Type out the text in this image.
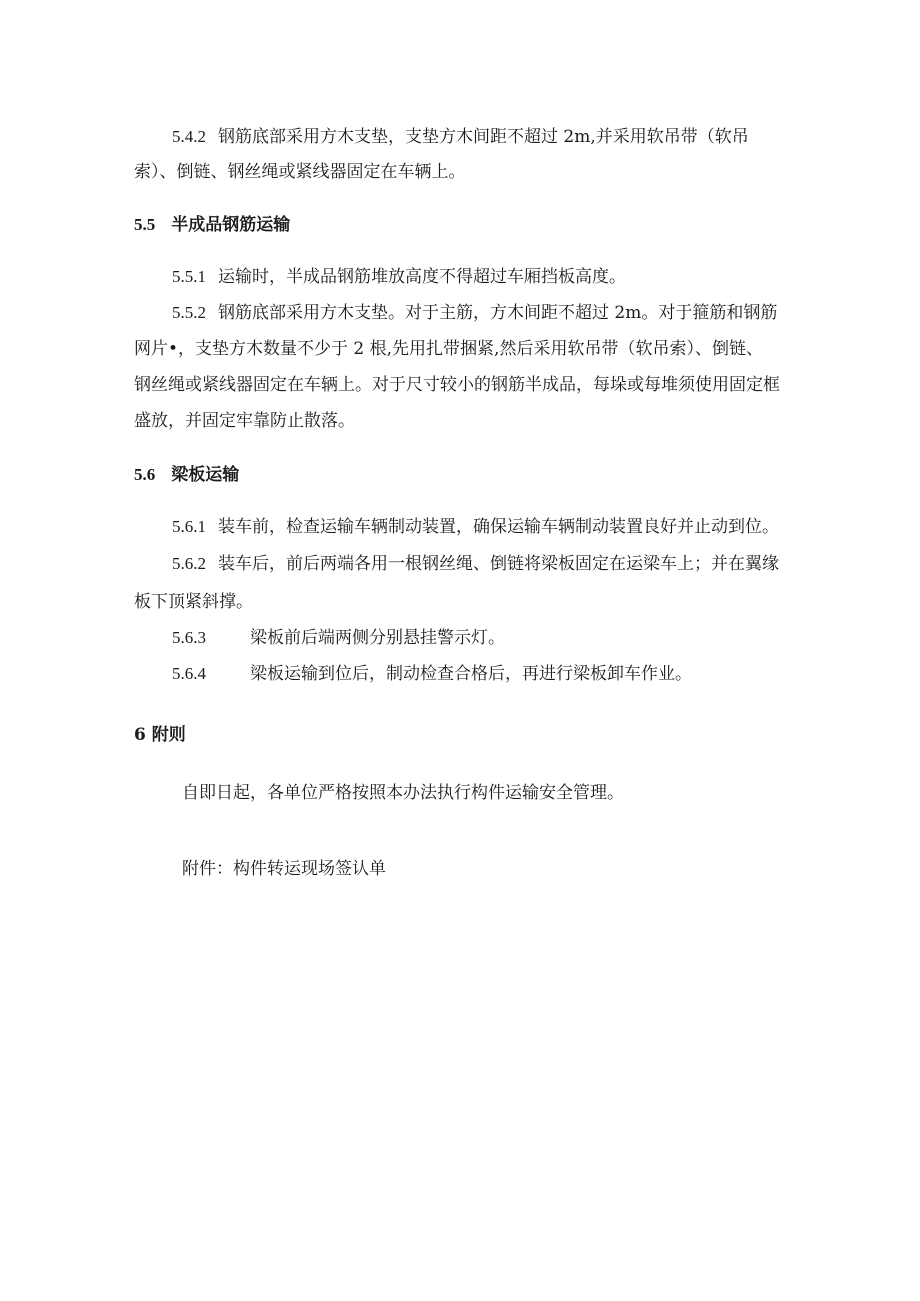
5.4.2 钢筋底部采用方木支垫，支垫方木间距不超过 2m,并采用软吊带（软吊
索）、倒链、钢丝绳或紧线器固定在车辆上。
5.5 半成品钢筋运输
5.5.1 运输时，半成品钢筋堆放高度不得超过车厢挡板高度。
5.5.2 钢筋底部采用方木支垫。对于主筋，方木间距不超过 2m。对于箍筋和钢筋
网片•，支垫方木数量不少于 2 根,先用扎带捆紧,然后采用软吊带（软吊索）、倒链、
钢丝绳或紧线器固定在车辆上。对于尺寸较小的钢筋半成品，每垛或每堆须使用固定框
盛放，并固定牢靠防止散落。
5.6 梁板运输
5.6.1 装车前，检查运输车辆制动装置，确保运输车辆制动装置良好并止动到位。
5.6.2 装车后，前后两端各用一根钢丝绳、倒链将梁板固定在运梁车上；并在翼缘
板下顶紧斜撑。
5.6.3	梁板前后端两侧分别悬挂警示灯。
5.6.4	梁板运输到位后，制动检查合格后，再进行梁板卸车作业。
6 附则
自即日起，各单位严格按照本办法执行构件运输安全管理。
附件：构件转运现场签认单
